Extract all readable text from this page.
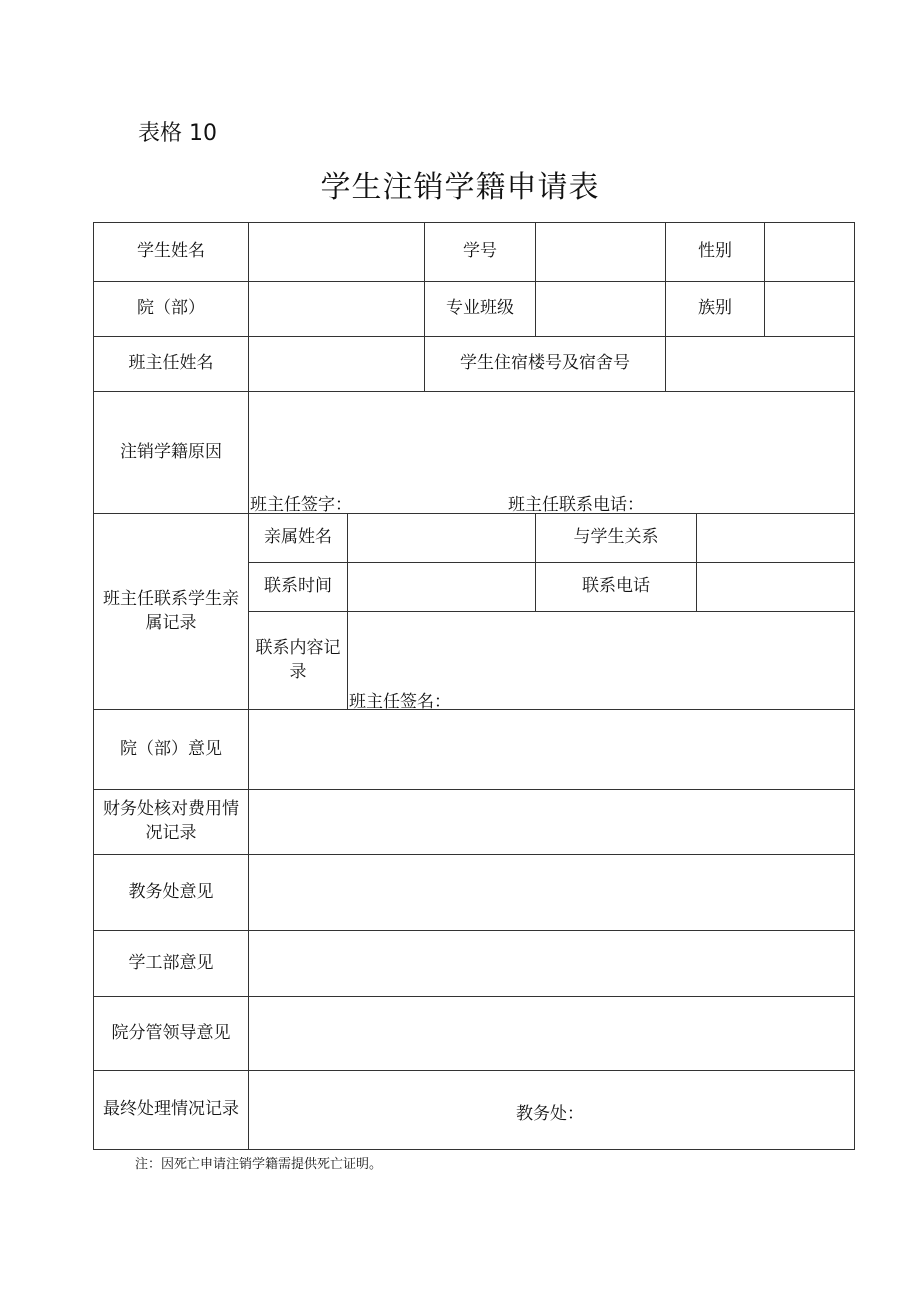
表格 10
学生注销学籍申请表
学生姓名	学号	性别
院（部）	专业班级	族别
班主任姓名	学生住宿楼号及宿舍号
注销学籍原因
班主任签字：	班主任联系电话：
班主任联系学生亲属记录
亲属姓名	与学生关系
联系时间	联系电话
联系内容记录
班主任签名：
院（部）意见
财务处核对费用情况记录
教务处意见
学工部意见
院分管领导意见
最终处理情况记录	教务处：
注：因死亡申请注销学籍需提供死亡证明。
